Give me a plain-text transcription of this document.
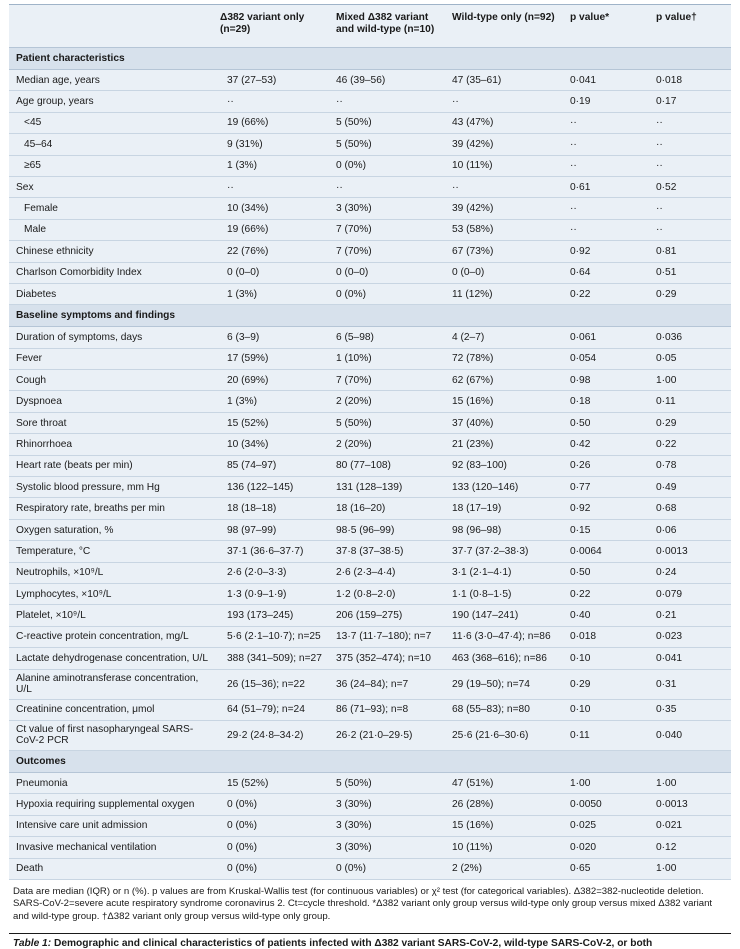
	Δ382 variant only (n=29)	Mixed Δ382 variant and wild-type (n=10)	Wild-type only (n=92)	p value*	p value†
Patient characteristics					
Median age, years	37 (27–53)	46 (39–56)	47 (35–61)	0·041	0·018
Age group, years	··	··	··	0·19	0·17
<45	19 (66%)	5 (50%)	43 (47%)	··	··
45–64	9 (31%)	5 (50%)	39 (42%)	··	··
≥65	1 (3%)	0 (0%)	10 (11%)	··	··
Sex	··	··	··	0·61	0·52
Female	10 (34%)	3 (30%)	39 (42%)	··	··
Male	19 (66%)	7 (70%)	53 (58%)	··	··
Chinese ethnicity	22 (76%)	7 (70%)	67 (73%)	0·92	0·81
Charlson Comorbidity Index	0 (0–0)	0 (0–0)	0 (0–0)	0·64	0·51
Diabetes	1 (3%)	0 (0%)	11 (12%)	0·22	0·29
Baseline symptoms and findings					
Duration of symptoms, days	6 (3–9)	6 (5–98)	4 (2–7)	0·061	0·036
Fever	17 (59%)	1 (10%)	72 (78%)	0·054	0·05
Cough	20 (69%)	7 (70%)	62 (67%)	0·98	1·00
Dyspnoea	1 (3%)	2 (20%)	15 (16%)	0·18	0·11
Sore throat	15 (52%)	5 (50%)	37 (40%)	0·50	0·29
Rhinorrhoea	10 (34%)	2 (20%)	21 (23%)	0·42	0·22
Heart rate (beats per min)	85 (74–97)	80 (77–108)	92 (83–100)	0·26	0·78
Systolic blood pressure, mm Hg	136 (122–145)	131 (128–139)	133 (120–146)	0·77	0·49
Respiratory rate, breaths per min	18 (18–18)	18 (16–20)	18 (17–19)	0·92	0·68
Oxygen saturation, %	98 (97–99)	98·5 (96–99)	98 (96–98)	0·15	0·06
Temperature, °C	37·1 (36·6–37·7)	37·8 (37–38·5)	37·7 (37·2–38·3)	0·0064	0·0013
Neutrophils, ×10⁹/L	2·6 (2·0–3·3)	2·6 (2·3–4·4)	3·1 (2·1–4·1)	0·50	0·24
Lymphocytes, ×10⁹/L	1·3 (0·9–1·9)	1·2 (0·8–2·0)	1·1 (0·8–1·5)	0·22	0·079
Platelet, ×10⁹/L	193 (173–245)	206 (159–275)	190 (147–241)	0·40	0·21
C-reactive protein concentration, mg/L	5·6 (2·1–10·7); n=25	13·7 (11·7–180); n=7	11·6 (3·0–47·4); n=86	0·018	0·023
Lactate dehydrogenase concentration, U/L	388 (341–509); n=27	375 (352–474); n=10	463 (368–616); n=86	0·10	0·041
Alanine aminotransferase concentration, U/L	26 (15–36); n=22	36 (24–84); n=7	29 (19–50); n=74	0·29	0·31
Creatinine concentration, μmol	64 (51–79); n=24	86 (71–93); n=8	68 (55–83); n=80	0·10	0·35
Ct value of first nasopharyngeal SARS-CoV-2 PCR	29·2 (24·8–34·2)	26·2 (21·0–29·5)	25·6 (21·6–30·6)	0·11	0·040
Outcomes					
Pneumonia	15 (52%)	5 (50%)	47 (51%)	1·00	1·00
Hypoxia requiring supplemental oxygen	0 (0%)	3 (30%)	26 (28%)	0·0050	0·0013
Intensive care unit admission	0 (0%)	3 (30%)	15 (16%)	0·025	0·021
Invasive mechanical ventilation	0 (0%)	3 (30%)	10 (11%)	0·020	0·12
Death	0 (0%)	0 (0%)	2 (2%)	0·65	1·00
Data are median (IQR) or n (%). p values are from Kruskal-Wallis test (for continuous variables) or χ² test (for categorical variables). Δ382=382-nucleotide deletion. SARS-CoV-2=severe acute respiratory syndrome coronavirus 2. Ct=cycle threshold. *Δ382 variant only group versus wild-type only group versus mixed Δ382 variant and wild-type group. †Δ382 variant only group versus wild-type only group.
Table 1: Demographic and clinical characteristics of patients infected with Δ382 variant SARS-CoV-2, wild-type SARS-CoV-2, or both
